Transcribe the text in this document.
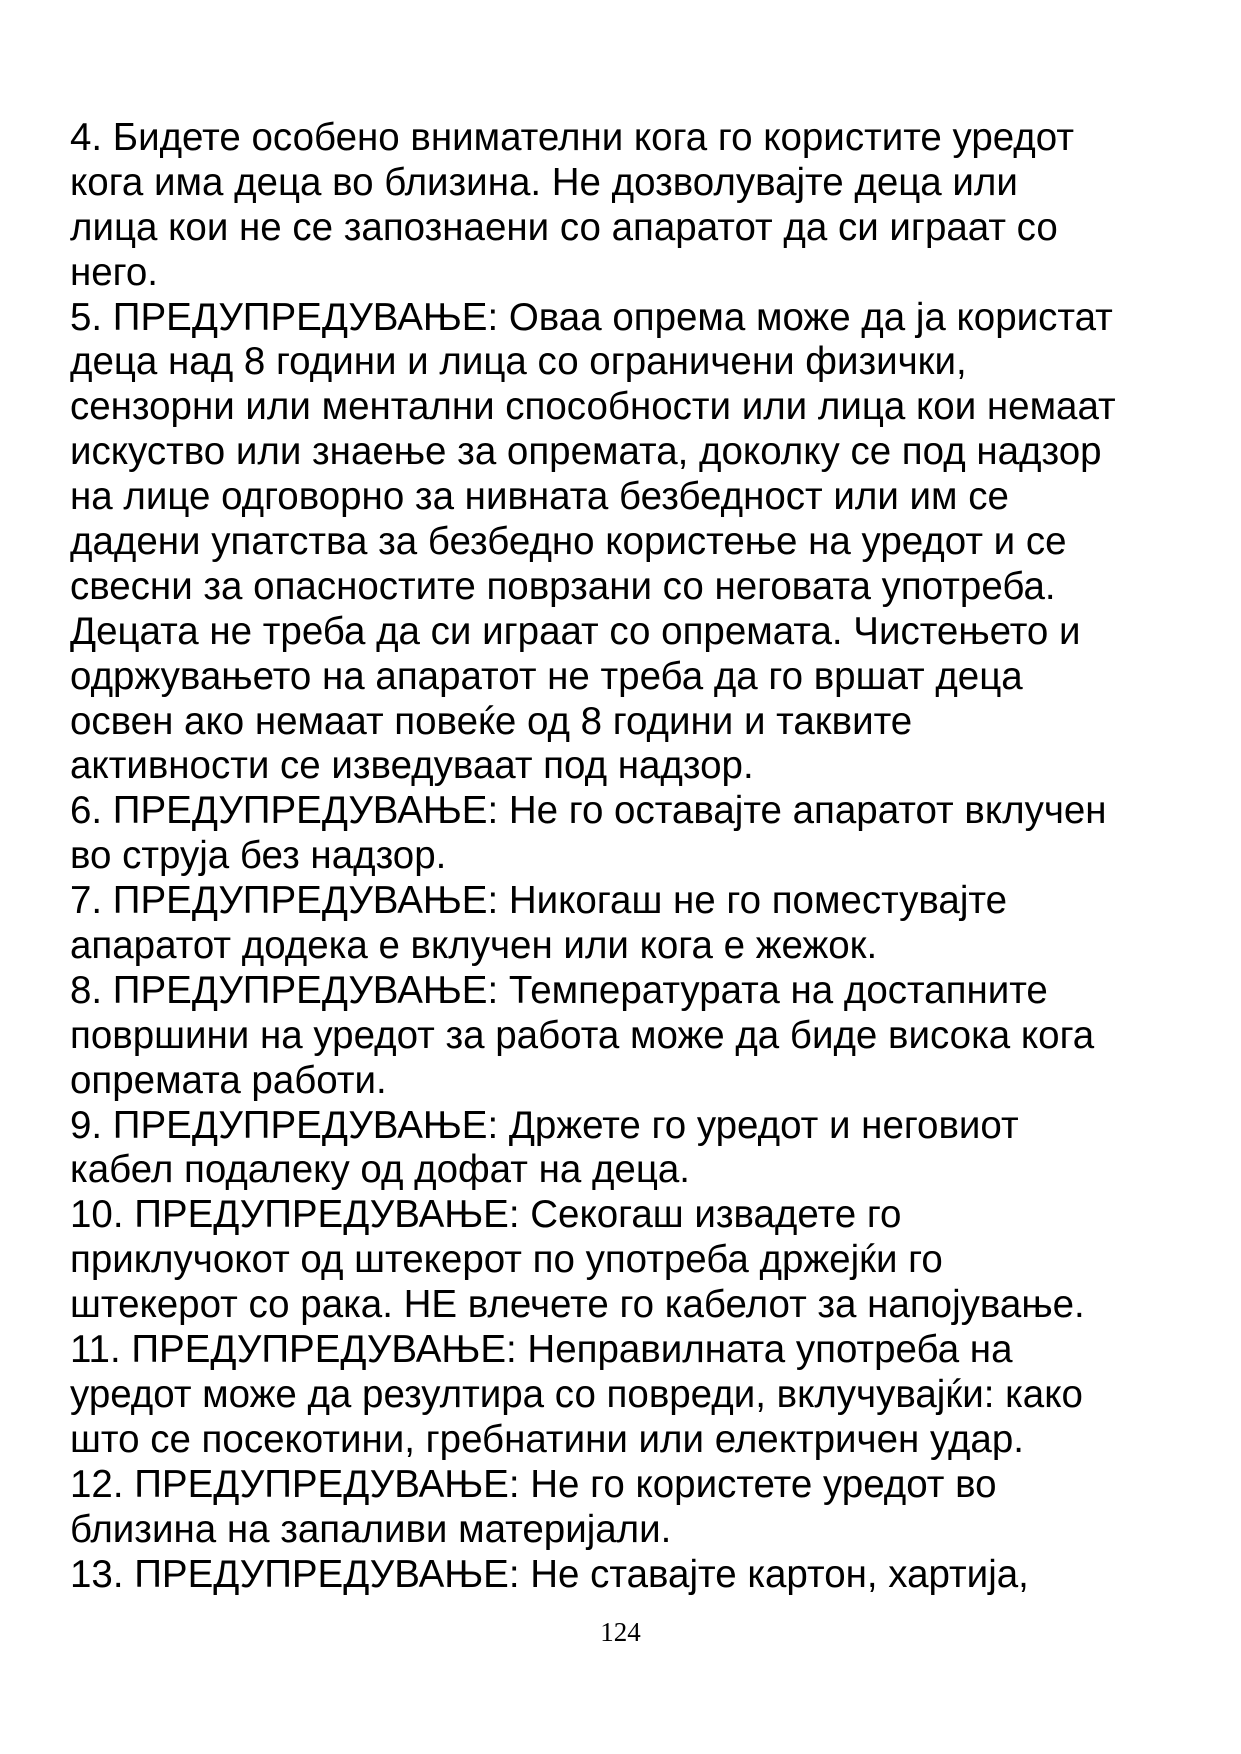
4. Бидете особено внимателни кога го користите уредот
кога има деца во близина. Не дозволувајте деца или
лица кои не се запознаени со апаратот да си играат со
него.
5. ПРЕДУПРЕДУВАЊЕ: Оваа опрема може да ја користат
деца над 8 години и лица со ограничени физички,
сензорни или ментални способности или лица кои немаат
искуство или знаење за опремата, доколку се под надзор
на лице одговорно за нивната безбедност или им се
дадени упатства за безбедно користење на уредот и се
свесни за опасностите поврзани со неговата употреба.
Децата не треба да си играат со опремата. Чистењето и
одржувањето на апаратот не треба да го вршат деца
освен ако немаат повеќе од 8 години и таквите
активности се изведуваат под надзор.
6. ПРЕДУПРЕДУВАЊЕ: Не го оставајте апаратот вклучен
во струја без надзор.
7. ПРЕДУПРЕДУВАЊЕ: Никогаш не го поместувајте
апаратот додека е вклучен или кога е жежок.
8. ПРЕДУПРЕДУВАЊЕ: Температурата на достапните
површини на уредот за работа може да биде висока кога
опремата работи.
9. ПРЕДУПРЕДУВАЊЕ: Држете го уредот и неговиот
кабел подалеку од дофат на деца.
10. ПРЕДУПРЕДУВАЊЕ: Секогаш извадете го
приклучокот од штекерот по употреба држејќи го
штекерот со рака. НЕ влечете го кабелот за напојување.
11. ПРЕДУПРЕДУВАЊЕ: Неправилната употреба на
уредот може да резултира со повреди, вклучувајќи: како
што се посекотини, гребнатини или електричен удар.
12. ПРЕДУПРЕДУВАЊЕ: Не го користете уредот во
близина на запаливи материјали.
13. ПРЕДУПРЕДУВАЊЕ: Не ставајте картон, хартија,
124
